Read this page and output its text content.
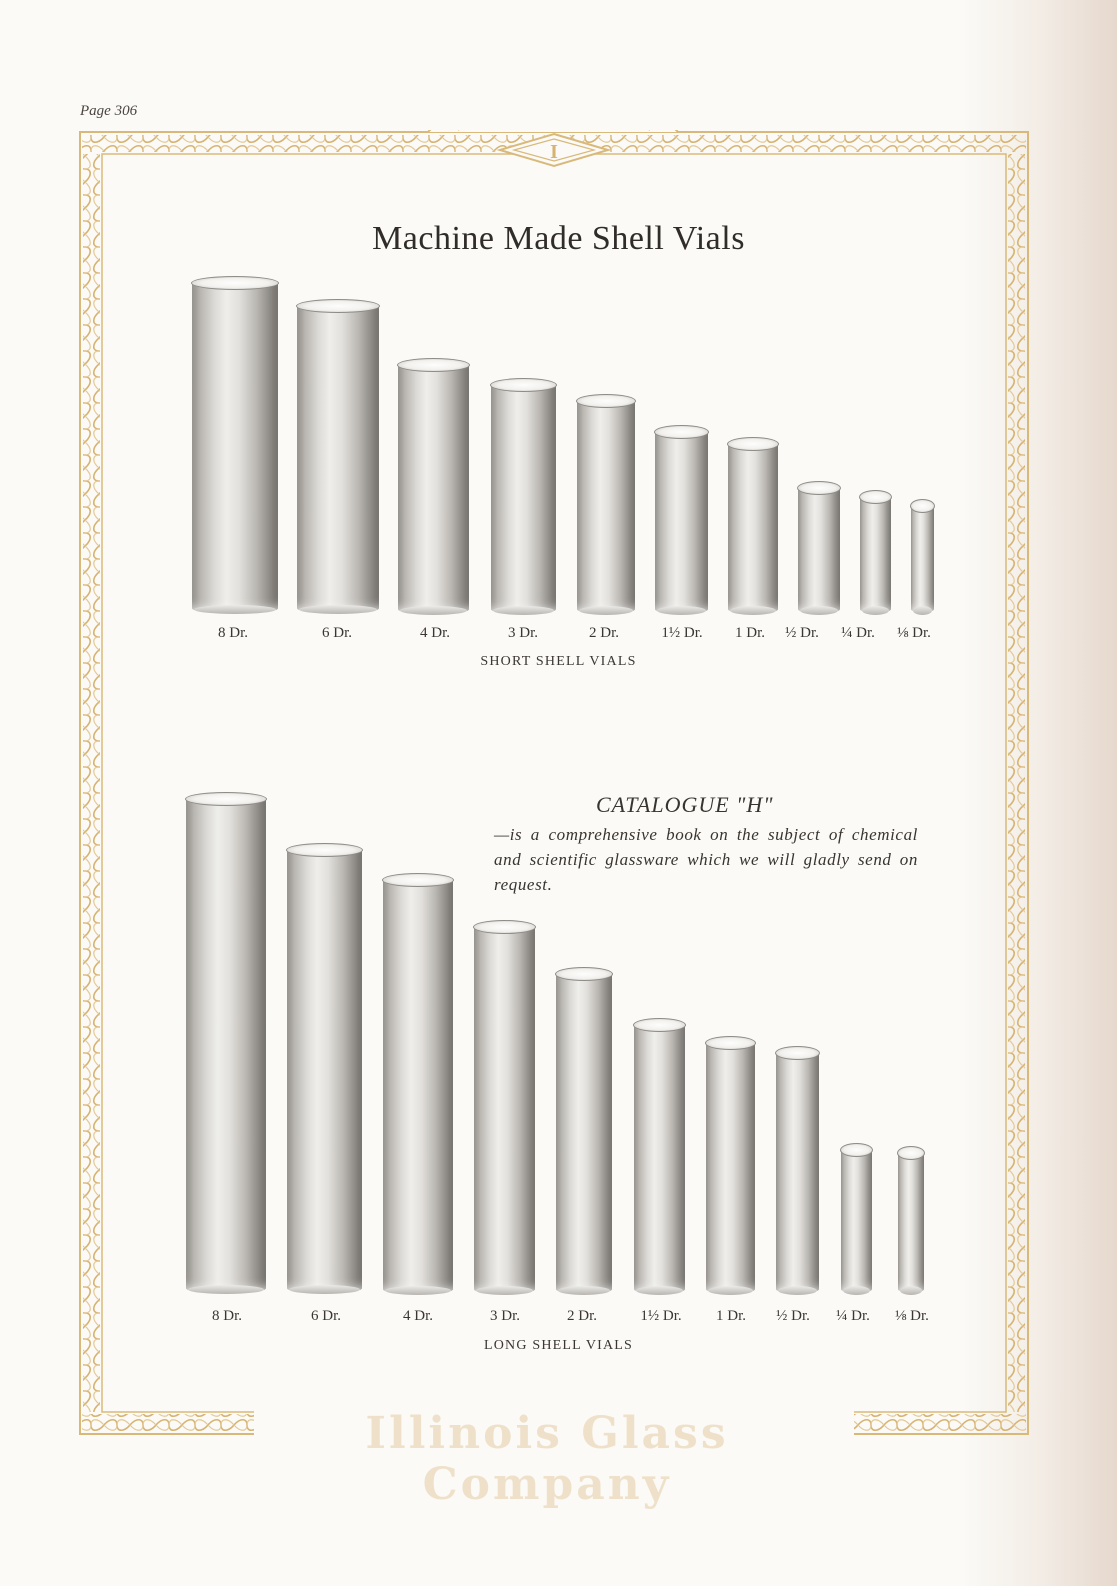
Page 306
I
Machine Made Shell Vials
8 Dr.	6 Dr.	4 Dr.	3 Dr.	2 Dr.	1½ Dr. 1 Dr. ½ Dr. ¼ Dr. ⅛ Dr.
SHORT SHELL VIALS
CATALOGUE "H"
—is a comprehensive book on the subject of chemical and scientific glassware which we will gladly send on request.
8 Dr.	6 Dr.	4 Dr.	3 Dr.	2 Dr.	1½ Dr. 1 Dr. ½ Dr. ¼ Dr. ⅛ Dr.
LONG SHELL VIALS
Illinois Glass Company
